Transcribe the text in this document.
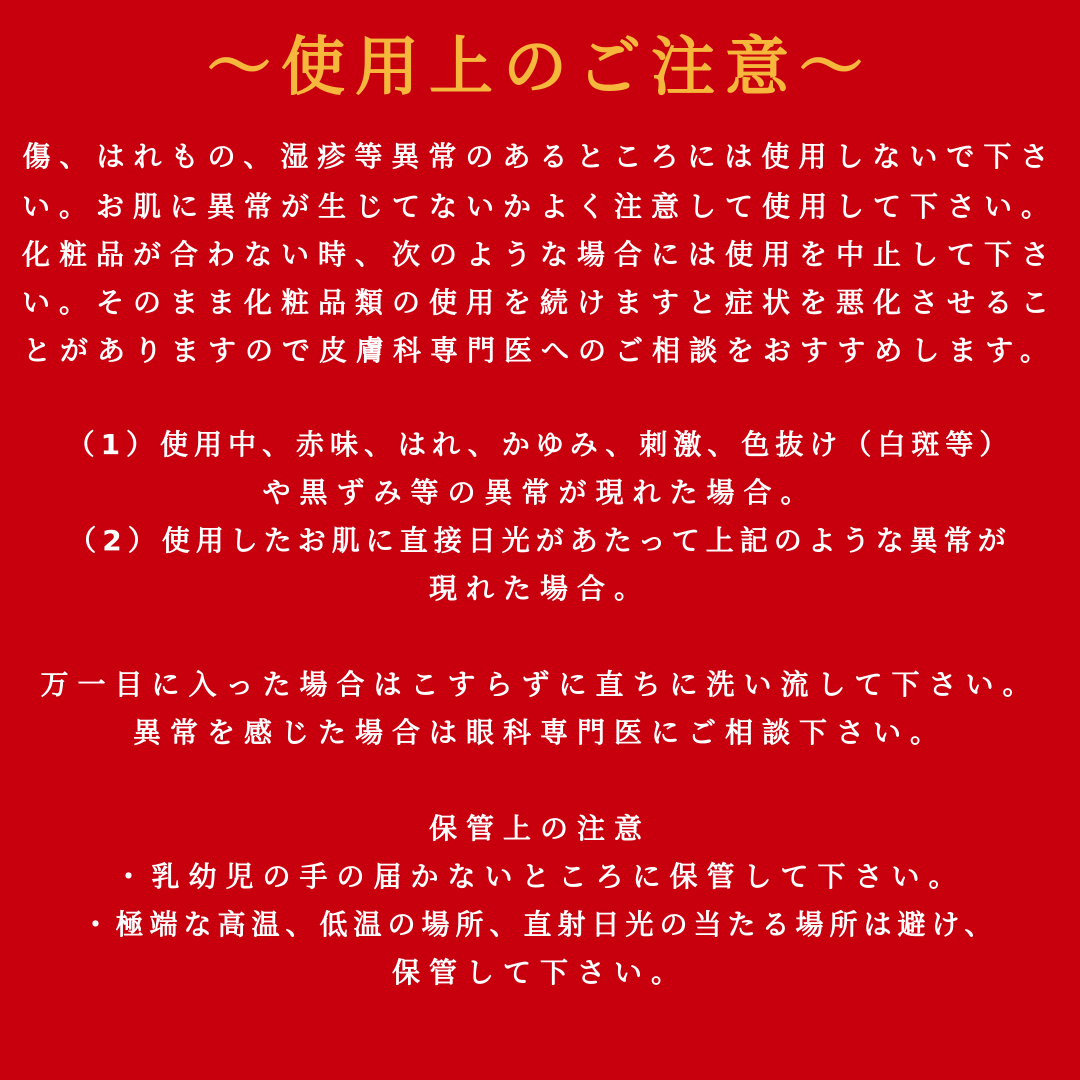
～使用上のご注意～
傷、はれもの、湿疹等異常のあるところには使用しないで下さ
い。お肌に異常が生じてないかよく注意して使用して下さい。
化粧品が合わない時、次のような場合には使用を中止して下さ
い。そのまま化粧品類の使用を続けますと症状を悪化させるこ
とがありますので皮膚科専門医へのご相談をおすすめします。
（1）使用中、赤味、はれ、かゆみ、刺激、色抜け（白斑等）
や黒ずみ等の異常が現れた場合。
（2）使用したお肌に直接日光があたって上記のような異常が
現れた場合。
万一目に入った場合はこすらずに直ちに洗い流して下さい。
異常を感じた場合は眼科専門医にご相談下さい。
保管上の注意
・乳幼児の手の届かないところに保管して下さい。
・極端な高温、低温の場所、直射日光の当たる場所は避け、
保管して下さい。
